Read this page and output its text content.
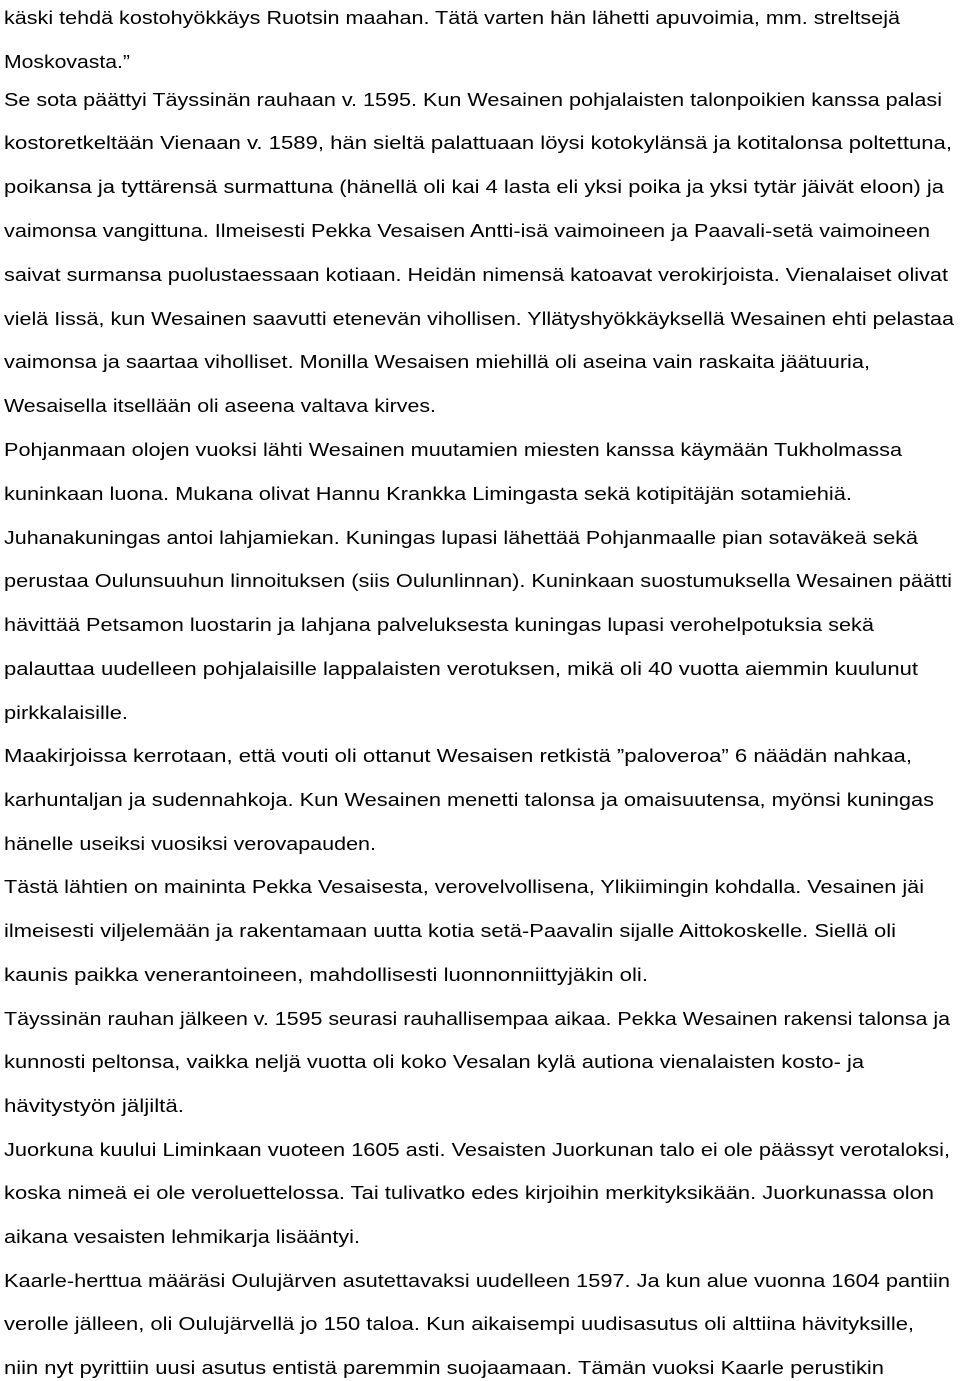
käski tehdä kostohyökkäys Ruotsin maahan. Tätä varten hän lähetti apuvoimia, mm. streltsejä
Moskovasta.”
Se sota päättyi Täyssinän rauhaan v. 1595. Kun Wesainen pohjalaisten talonpoikien kanssa palasi
kostoretkeltään Vienaan v. 1589, hän sieltä palattuaan löysi kotokylänsä ja kotitalonsa poltettuna,
poikansa ja tyttärensä surmattuna (hänellä oli kai 4 lasta eli yksi poika ja yksi tytär jäivät eloon) ja
vaimonsa vangittuna. Ilmeisesti Pekka Vesaisen Antti-isä vaimoineen ja Paavali-setä vaimoineen
saivat surmansa puolustaessaan kotiaan. Heidän nimensä katoavat verokirjoista. Vienalaiset olivat
vielä Iissä, kun Wesainen saavutti etenevän vihollisen. Yllätyshyökkäyksellä Wesainen ehti pelastaa
vaimonsa ja saartaa viholliset. Monilla Wesaisen miehillä oli aseina vain raskaita jäätuuria,
Wesaisella itsellään oli aseena valtava kirves.
Pohjanmaan olojen vuoksi lähti Wesainen muutamien miesten kanssa käymään Tukholmassa
kuninkaan luona. Mukana olivat Hannu Krankka Limingasta sekä kotipitäjän sotamiehiä.
Juhanakuningas antoi lahjamiekan. Kuningas lupasi lähettää Pohjanmaalle pian sotaväkeä sekä
perustaa Oulunsuuhun linnoituksen (siis Oulunlinnan). Kuninkaan suostumuksella Wesainen päätti
hävittää Petsamon luostarin ja lahjana palveluksesta kuningas lupasi verohelpotuksia sekä
palauttaa uudelleen pohjalaisille lappalaisten verotuksen, mikä oli 40 vuotta aiemmin kuulunut
pirkkalaisille.
Maakirjoissa kerrotaan, että vouti oli ottanut Wesaisen retkistä ”paloveroa” 6 näädän nahkaa,
karhuntaljan ja sudennahkoja. Kun Wesainen menetti talonsa ja omaisuutensa, myönsi kuningas
hänelle useiksi vuosiksi verovapauden.
Tästä lähtien on maininta Pekka Vesaisesta, verovelvollisena, Ylikiimingin kohdalla. Vesainen jäi
ilmeisesti viljelemään ja rakentamaan uutta kotia setä-Paavalin sijalle Aittokoskelle. Siellä oli
kaunis paikka venerantoineen, mahdollisesti luonnonniittyjäkin oli.
Täyssinän rauhan jälkeen v. 1595 seurasi rauhallisempaa aikaa. Pekka Wesainen rakensi talonsa ja
kunnosti peltonsa, vaikka neljä vuotta oli koko Vesalan kylä autiona vienalaisten kosto- ja
hävitystyön jäljiltä.
Juorkuna kuului Liminkaan vuoteen 1605 asti. Vesaisten Juorkunan talo ei ole päässyt verotaloksi,
koska nimeä ei ole veroluettelossa. Tai tulivatko edes kirjoihin merkityksikään. Juorkunassa olon
aikana vesaisten lehmikarja lisääntyi.
Kaarle-herttua määräsi Oulujärven asutettavaksi uudelleen 1597. Ja kun alue vuonna 1604 pantiin
verolle jälleen, oli Oulujärvellä jo 150 taloa. Kun aikaisempi uudisasutus oli alttiina hävityksille,
niin nyt pyrittiin uusi asutus entistä paremmin suojaamaan. Tämän vuoksi Kaarle perustikin
